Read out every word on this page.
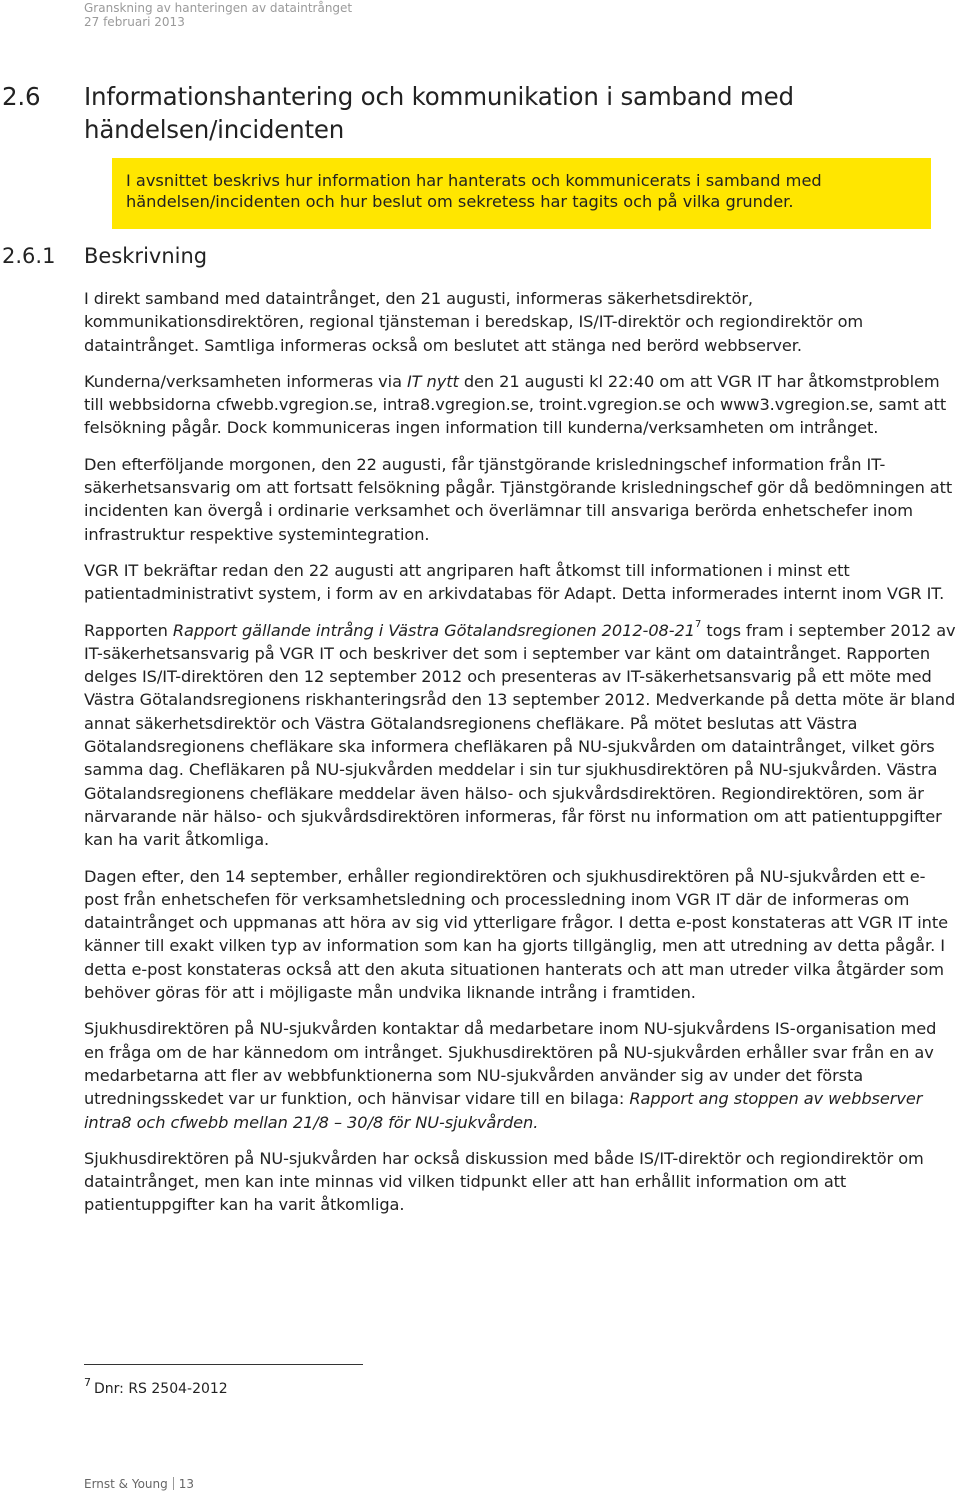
Granskning av hanteringen av dataintrånget
27 februari 2013
2.6 Informationshantering och kommunikation i samband med händelsen/incidenten
I avsnittet beskrivs hur information har hanterats och kommunicerats i samband med händelsen/incidenten och hur beslut om sekretess har tagits och på vilka grunder.
2.6.1 Beskrivning

I direkt samband med dataintrånget, den 21 augusti, informeras säkerhetsdirektör, kommunikationsdirektören, regional tjänsteman i beredskap, IS/IT-direktör och regiondirektör om dataintrånget. Samtliga informeras också om beslutet att stänga ned berörd webbserver.

Kunderna/verksamheten informeras via IT nytt den 21 augusti kl 22:40 om att VGR IT har åtkomstproblem till webbsidorna cfwebb.vgregion.se, intra8.vgregion.se, troint.vgregion.se och www3.vgregion.se, samt att felsökning pågår. Dock kommuniceras ingen information till kunderna/verksamheten om intrånget.

Den efterföljande morgonen, den 22 augusti, får tjänstgörande krisledningschef information från IT-säkerhetsansvarig om att fortsatt felsökning pågår. Tjänstgörande krisledningschef gör då bedömningen att incidenten kan övergå i ordinarie verksamhet och överlämnar till ansvariga berörda enhetschefer inom infrastruktur respektive systemintegration.

VGR IT bekräftar redan den 22 augusti att angriparen haft åtkomst till informationen i minst ett patientadministrativt system, i form av en arkivdatabas för Adapt. Detta informerades internt inom VGR IT.

Rapporten Rapport gällande intrång i Västra Götalandsregionen $2012-08-21^7$ togs fram i september 2012 av IT-säkerhetsansvarig på VGR IT och beskriver det som i september var känt om dataintrånget. Rapporten delges IS/IT-direktören den 12 september 2012 och presenteras av IT-säkerhetsansvarig på ett möte med Västra Götalandsregionens riskhanteringsråd den 13 september 2012. Medverkande på detta möte är bland annat säkerhetsdirektör och Västra Götalandsregionens chefläkare. På mötet beslutas att Västra Götalandsregionens chefläkare ska informera chefläkaren på NU-sjukvården om dataintrånget, vilket görs samma dag. Chefläkaren på NU-sjukvården meddelar i sin tur sjukhusdirektören på NU-sjukvården. Västra Götalandsregionens chefläkare meddelar även hälso- och sjukvårdsdirektören. Regiondirektören, som är närvarande när hälso- och sjukvårdsdirektören informeras, får först nu information om att patientuppgifter kan ha varit åtkomliga.

Dagen efter, den 14 september, erhåller regiondirektören och sjukhusdirektören på NU-sjukvården ett e-post från enhetschefen för verksamhetsledning och processledning inom VGR IT där de informeras om dataintrånget och uppmanas att höra av sig vid ytterligare frågor. I detta e-post konstateras att VGR IT inte känner till exakt vilken typ av information som kan ha gjorts tillgänglig, men att utredning av detta pågår. I detta e-post konstateras också att den akuta situationen hanterats och att man utreder vilka åtgärder som behöver göras för att i möjligaste mån undvika liknande intrång i framtiden.

Sjukhusdirektören på NU-sjukvården kontaktar då medarbetare inom NU-sjukvårdens IS-organisation med en fråga om de har kännedom om intrånget. Sjukhusdirektören på NU-sjukvården erhåller svar från en av medarbetarna att fler av webbfunktionerna som NU-sjukvården använder sig av under det första utredningsskedet var ur funktion, och hänvisar vidare till en bilaga: Rapport ang stoppen av webbserver intra8 och cfwebb mellan 21/8 – 30/8 för NU-sjukvården.

Sjukhusdirektören på NU-sjukvården har också diskussion med både IS/IT-direktör och regiondirektör om dataintrånget, men kan inte minnas vid vilken tidpunkt eller att han erhållit information om att patientuppgifter kan ha varit åtkomliga.

7 Dnr: RS 2504-2012
Ernst & Young 13
